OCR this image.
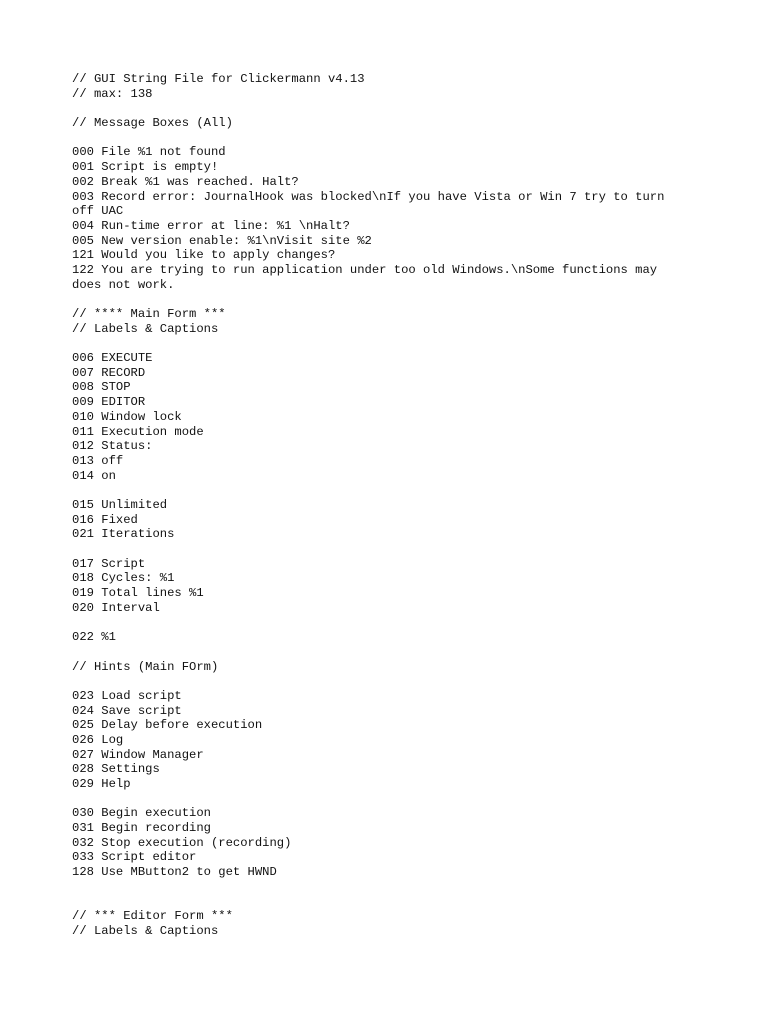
// GUI String File for Clickermann v4.13
// max: 138
// Message Boxes (All)
000 File %1 not found
001 Script is empty!
002 Break %1 was reached. Halt?
003 Record error: JournalHook was blocked\nIf you have Vista or Win 7 try to turn
off UAC
004 Run-time error at line: %1 \nHalt?
005 New version enable: %1\nVisit site %2
121 Would you like to apply changes?
122 You are trying to run application under too old Windows.\nSome functions may
does not work.
// **** Main Form ***
// Labels & Captions
006 EXECUTE
007 RECORD
008 STOP
009 EDITOR
010 Window lock
011 Execution mode
012 Status:
013 off
014 on
015 Unlimited
016 Fixed
021 Iterations
017 Script
018 Cycles: %1
019 Total lines %1
020 Interval
022 %1
// Hints (Main FOrm)
023 Load script
024 Save script
025 Delay before execution
026 Log
027 Window Manager
028 Settings
029 Help
030 Begin execution
031 Begin recording
032 Stop execution (recording)
033 Script editor
128 Use MButton2 to get HWND
// *** Editor Form ***
// Labels & Captions
